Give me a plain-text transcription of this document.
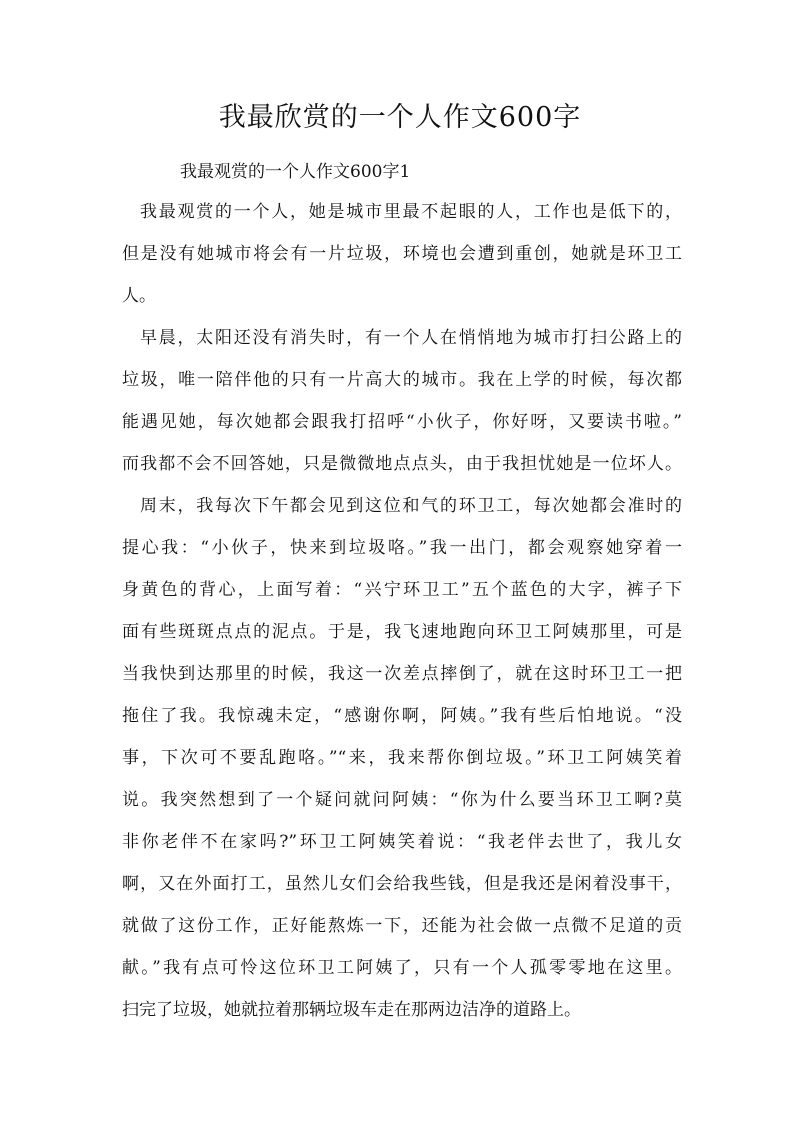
我最欣赏的一个人作文600字
我最观赏的一个人作文600字1
我最观赏的一个人，她是城市里最不起眼的人，工作也是低下的，
但是没有她城市将会有一片垃圾，环境也会遭到重创，她就是环卫工
人。
早晨，太阳还没有消失时，有一个人在悄悄地为城市打扫公路上的
垃圾，唯一陪伴他的只有一片高大的城市。我在上学的时候，每次都
能遇见她，每次她都会跟我打招呼“小伙子，你好呀，又要读书啦。”
而我都不会不回答她，只是微微地点点头，由于我担忧她是一位坏人。
周末，我每次下午都会见到这位和气的环卫工，每次她都会准时的
提心我：“小伙子，快来到垃圾咯。”我一出门，都会观察她穿着一
身黄色的背心，上面写着：“兴宁环卫工”五个蓝色的大字，裤子下
面有些斑斑点点的泥点。于是，我飞速地跑向环卫工阿姨那里，可是
当我快到达那里的时候，我这一次差点摔倒了，就在这时环卫工一把
拖住了我。我惊魂未定，“感谢你啊，阿姨。”我有些后怕地说。“没
事，下次可不要乱跑咯。”“来，我来帮你倒垃圾。”环卫工阿姨笑着
说。我突然想到了一个疑问就问阿姨：“你为什么要当环卫工啊?莫
非你老伴不在家吗?”环卫工阿姨笑着说：“我老伴去世了，我儿女
啊，又在外面打工，虽然儿女们会给我些钱，但是我还是闲着没事干，
就做了这份工作，正好能熬炼一下，还能为社会做一点微不足道的贡
献。”我有点可怜这位环卫工阿姨了，只有一个人孤零零地在这里。
扫完了垃圾，她就拉着那辆垃圾车走在那两边洁净的道路上。
